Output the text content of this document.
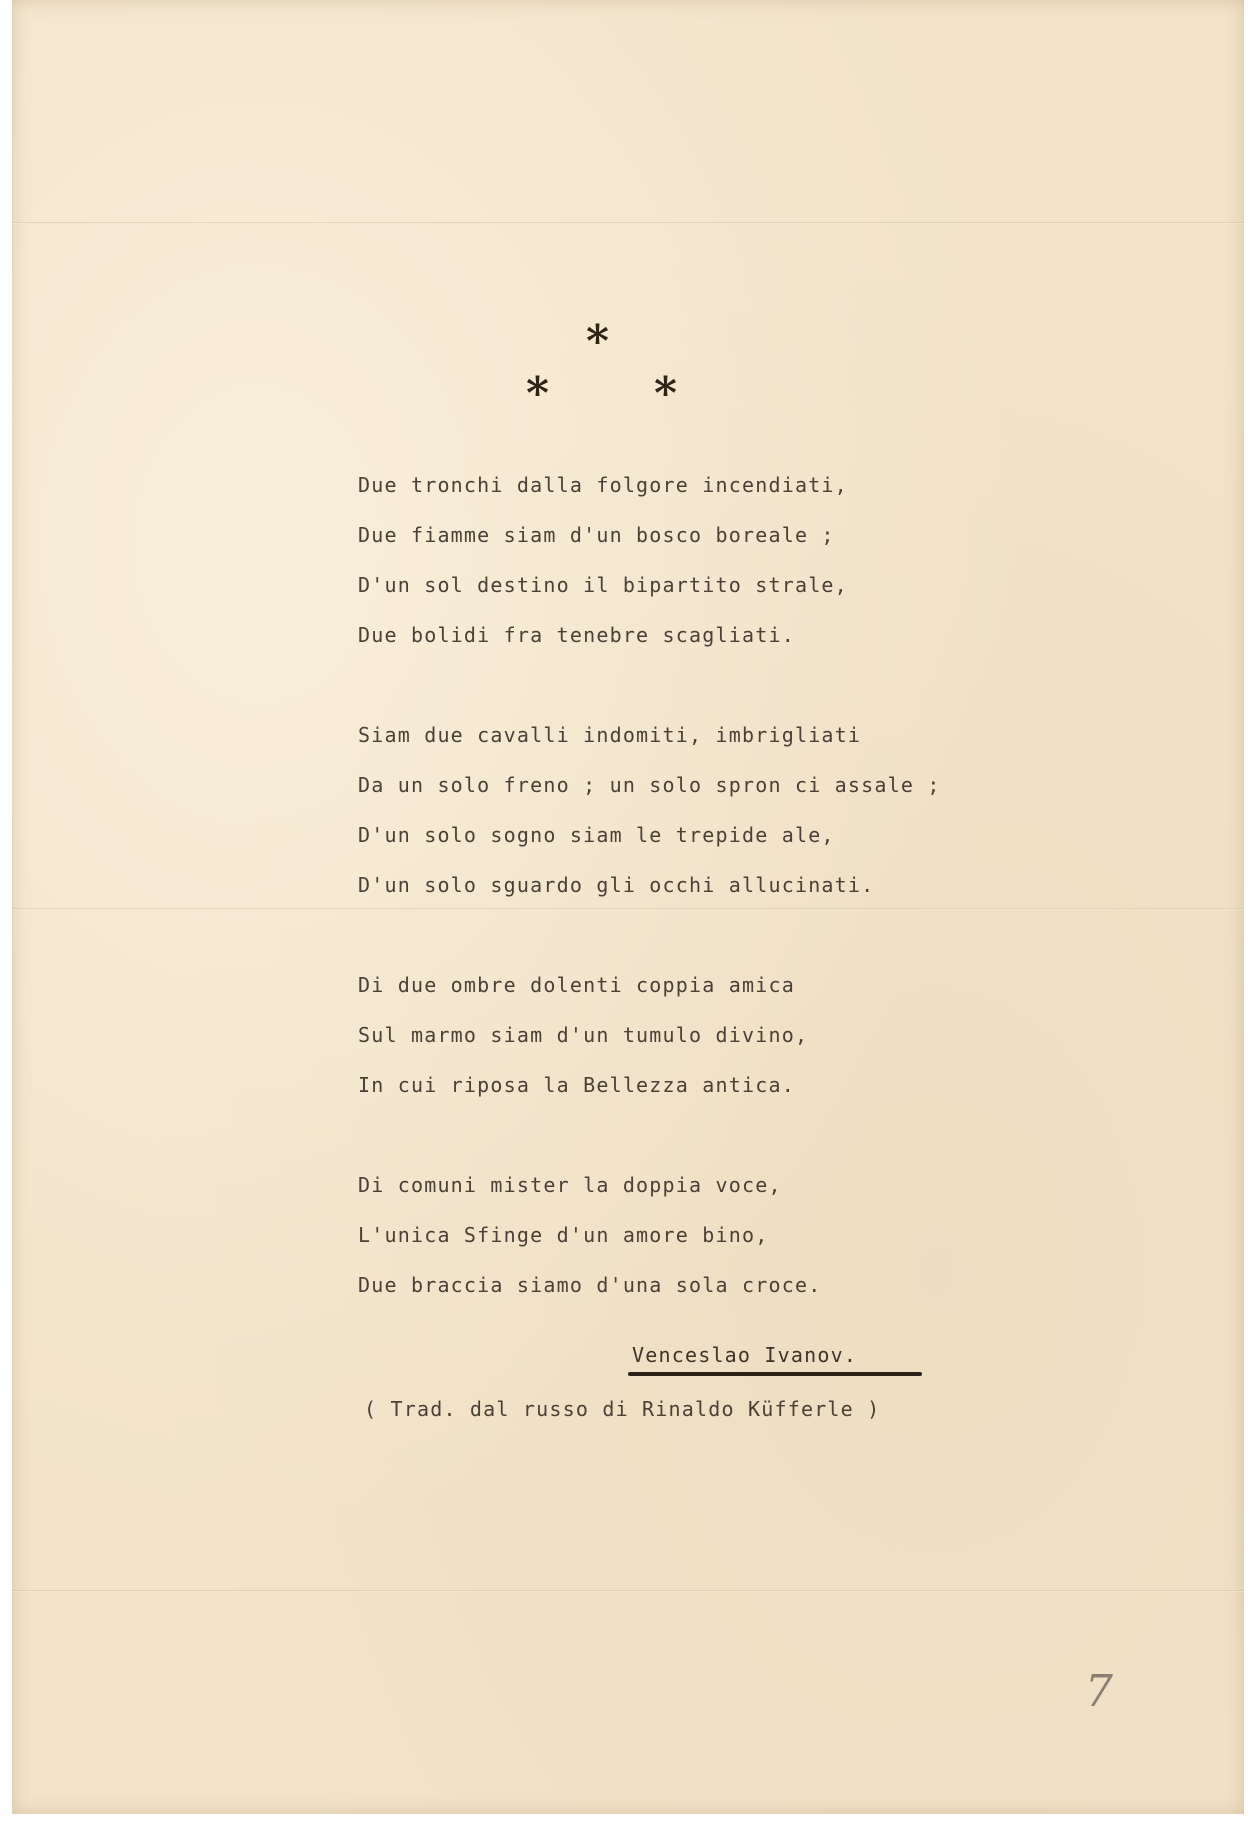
*
* *
Due tronchi dalla folgore incendiati,
Due fiamme siam d'un bosco boreale ;
D'un sol destino il bipartito strale,
Due bolidi fra tenebre scagliati.
Siam due cavalli indomiti, imbrigliati
Da un solo freno ; un solo spron ci assale ;
D'un solo sogno siam le trepide ale,
D'un solo sguardo gli occhi allucinati.
Di due ombre dolenti coppia amica
Sul marmo siam d'un tumulo divino,
In cui riposa la Bellezza antica.
Di comuni mister la doppia voce,
L'unica Sfinge d'un amore bino,
Due braccia siamo d'una sola croce.
Venceslao Ivanov.
( Trad. dal russo di Rinaldo Küfferle )
7
